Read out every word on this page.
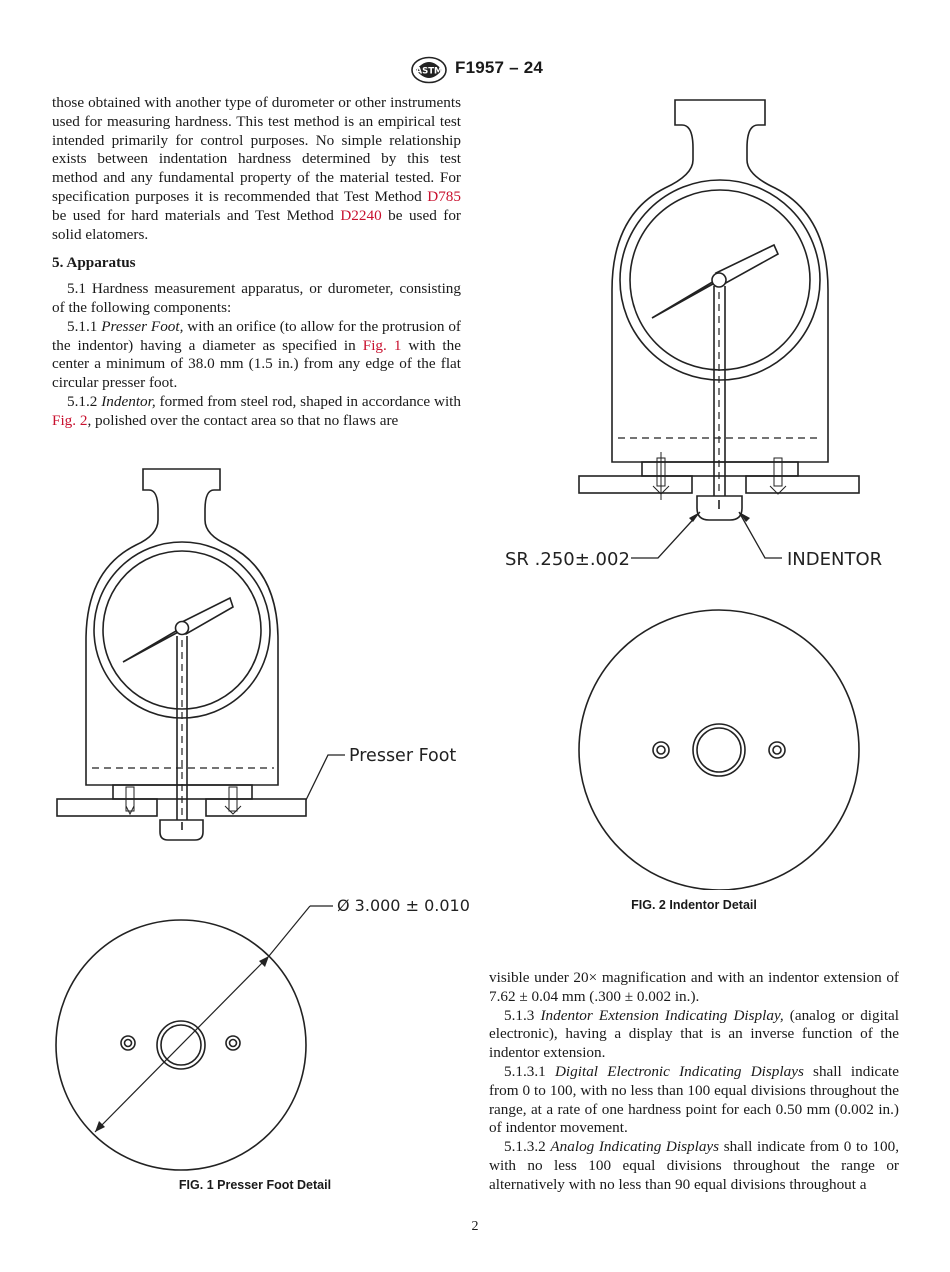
ASTM F1957 – 24

those obtained with another type of durometer or other instruments used for measuring hardness. This test method is an empirical test intended primarily for control purposes. No simple relationship exists between indentation hardness determined by this test method and any fundamental property of the material tested. For specification purposes it is recommended that Test Method D785 be used for hard materials and Test Method D2240 be used for solid elatomers.

5. Apparatus

5.1 Hardness measurement apparatus, or durometer, consisting of the following components:

5.1.1 Presser Foot, with an orifice (to allow for the protrusion of the indentor) having a diameter as specified in Fig. 1 with the center a minimum of 38.0 mm (1.5 in.) from any edge of the flat circular presser foot.

5.1.2 Indentor, formed from steel rod, shaped in accordance with Fig. 2, polished over the contact area so that no flaws are

visible under 20× magnification and with an indentor extension of 7.62 ± 0.04 mm (.300 ± 0.002 in.).

5.1.3 Indentor Extension Indicating Display, (analog or digital electronic), having a display that is an inverse function of the indentor extension.

5.1.3.1 Digital Electronic Indicating Displays shall indicate from 0 to 100, with no less than 100 equal divisions throughout the range, at a rate of one hardness point for each 0.50 mm (0.002 in.) of indentor movement.

5.1.3.2 Analog Indicating Displays shall indicate from 0 to 100, with no less 100 equal divisions throughout the range or alternatively with no less than 90 equal divisions throughout a

Presser Foot
Ø 3.000 ± 0.010
FIG. 1 Presser Foot Detail
SR .250±.002	INDENTOR
FIG. 2 Indentor Detail
2
